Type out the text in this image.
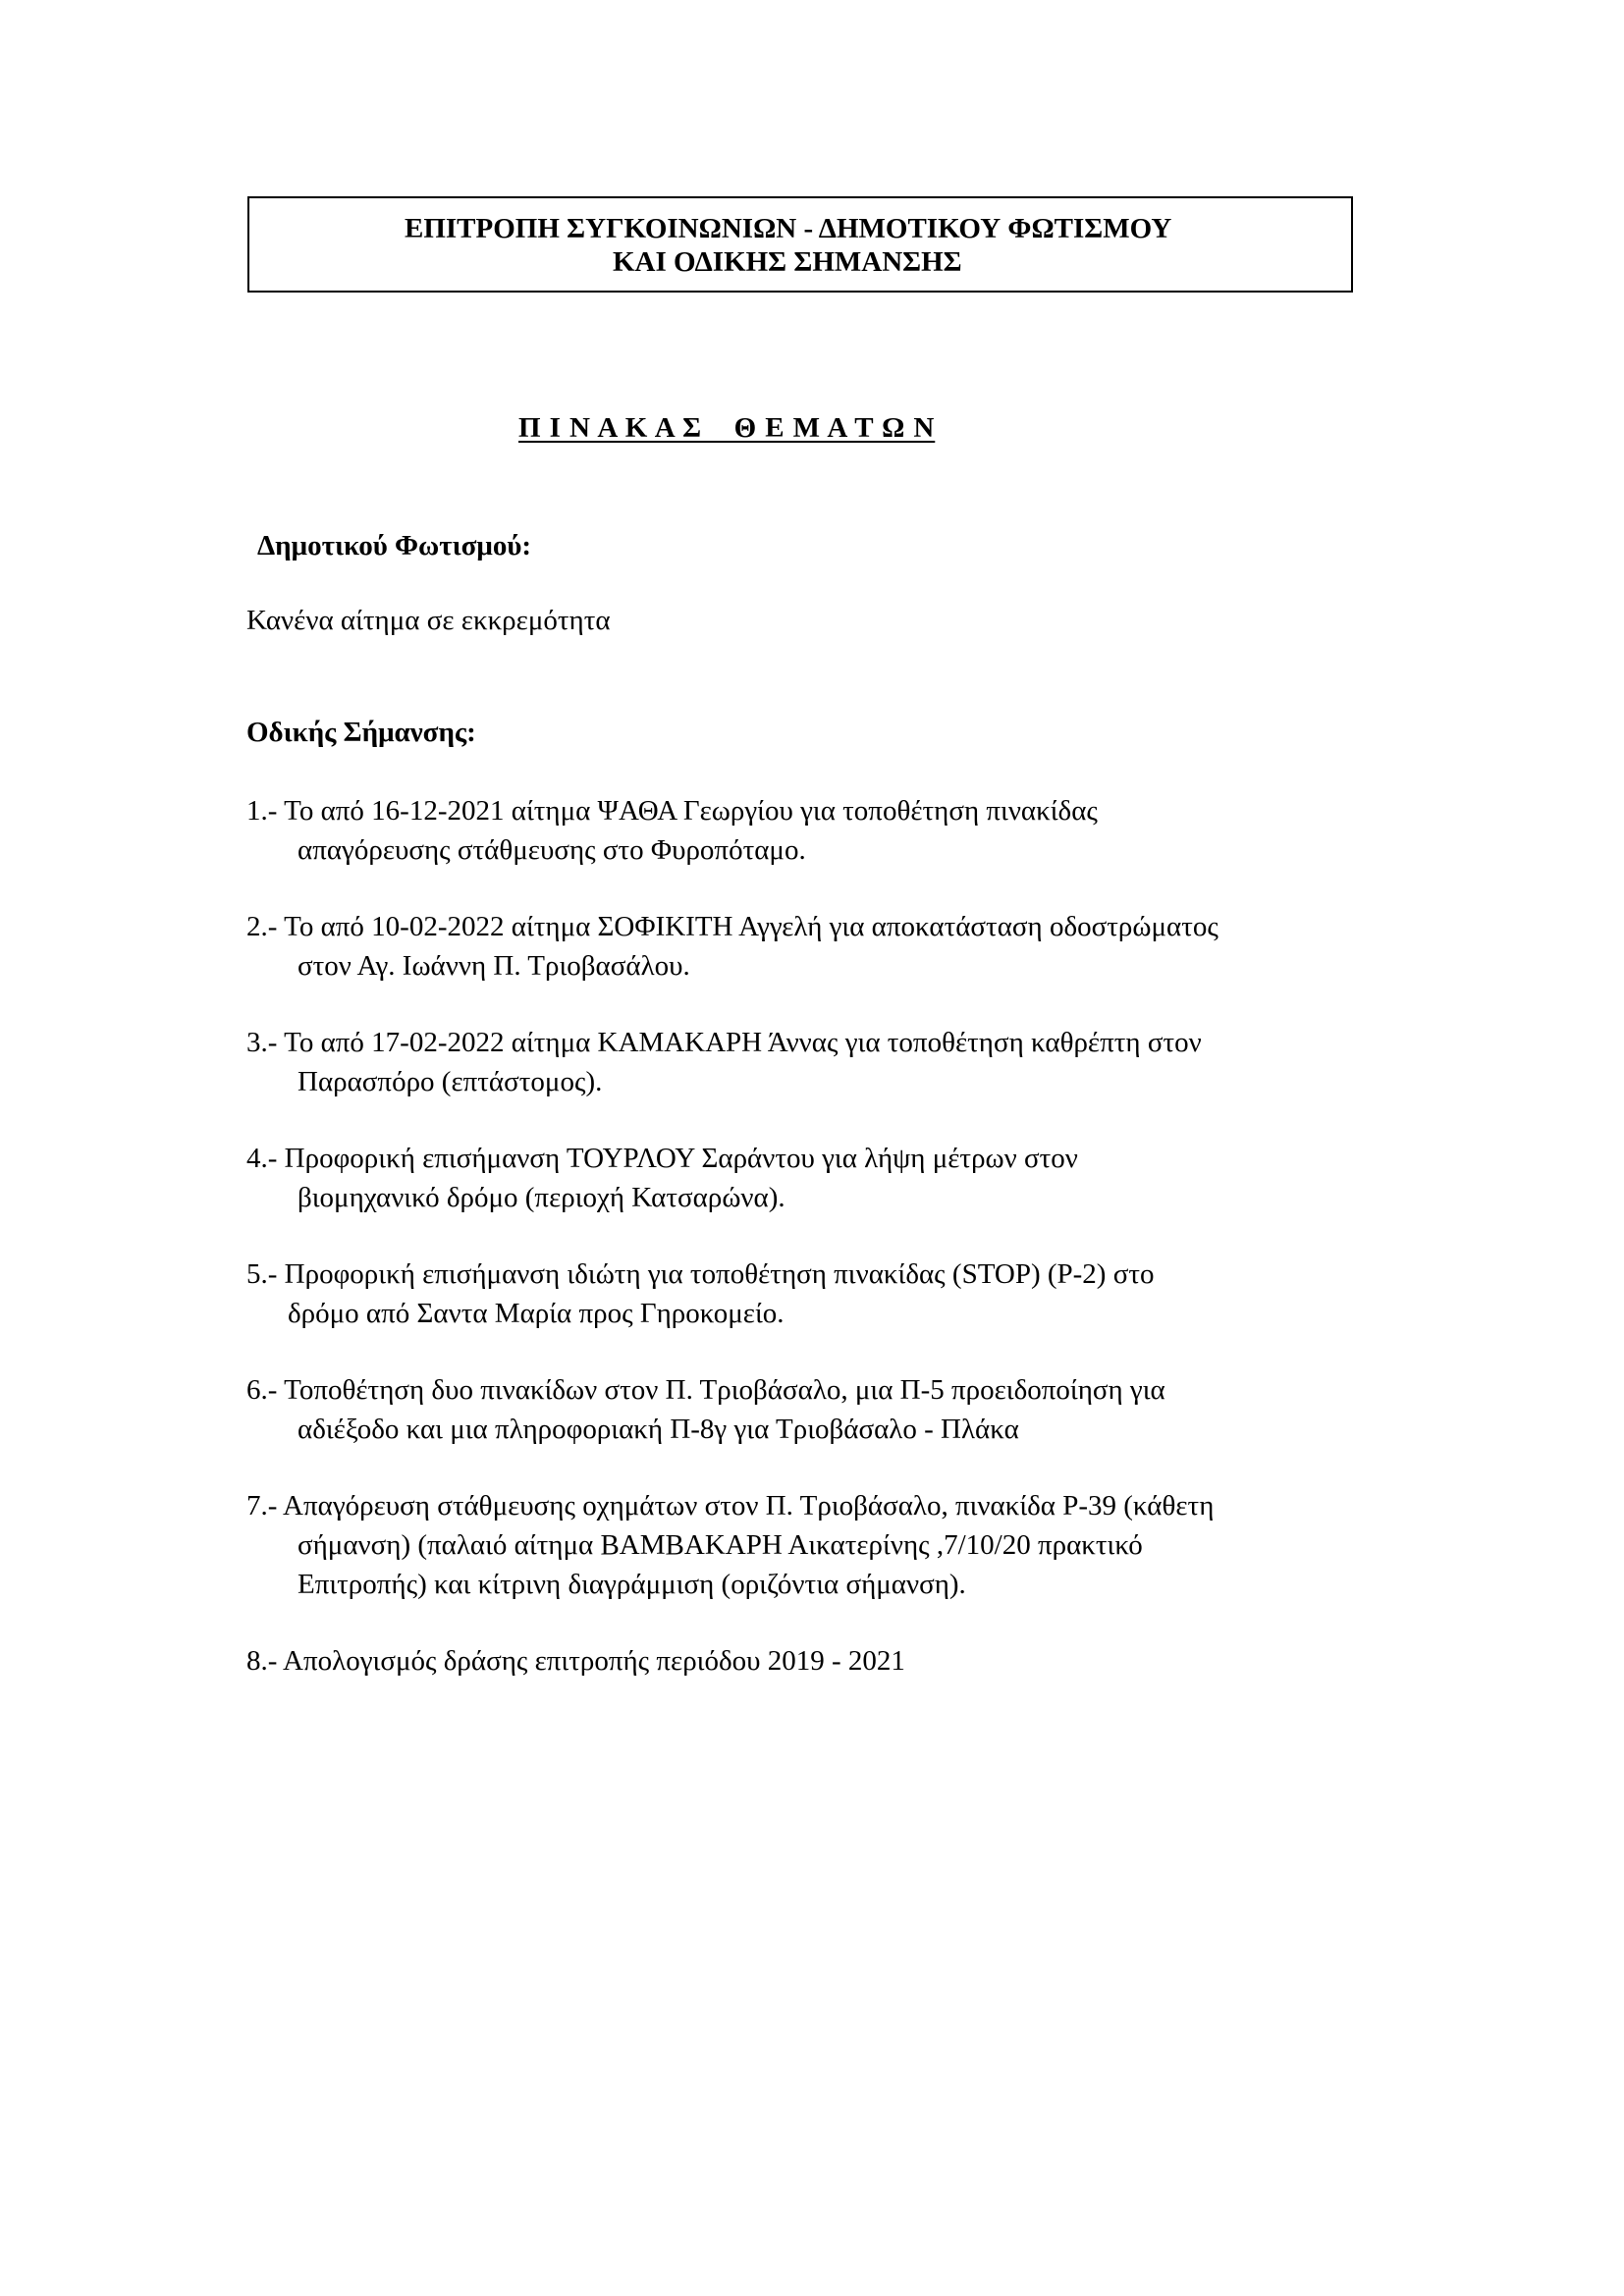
ΕΠΙΤΡΟΠΗ ΣΥΓΚΟΙΝΩΝΙΩΝ - ΔΗΜΟΤΙΚΟΥ ΦΩΤΙΣΜΟΥ
ΚΑΙ ΟΔΙΚΗΣ ΣΗΜΑΝΣΗΣ
Π Ι Ν Α Κ Α Σ    Θ Ε Μ Α Τ Ω Ν
Δημοτικού Φωτισμού:
Κανένα αίτημα σε εκκρεμότητα
Οδικής Σήμανσης:
1.- Το από 16-12-2021 αίτημα ΨΑΘΑ Γεωργίου για τοποθέτηση πινακίδας
απαγόρευσης στάθμευσης στο Φυροπόταμο.
2.- Το από 10-02-2022 αίτημα ΣΟΦΙΚΙΤΗ Αγγελή για αποκατάσταση οδοστρώματος
στον Αγ. Ιωάννη Π. Τριοβασάλου.
3.- Το από 17-02-2022 αίτημα ΚΑΜΑΚΑΡΗ Άννας για τοποθέτηση καθρέπτη στον
Παρασπόρο (επτάστομος).
4.- Προφορική επισήμανση ΤΟΥΡΛΟΥ Σαράντου για λήψη μέτρων στον
βιομηχανικό δρόμο (περιοχή Κατσαρώνα).
5.- Προφορική επισήμανση ιδιώτη για τοποθέτηση πινακίδας (STOP) (Ρ-2) στο
δρόμο από Σαντα Μαρία προς Γηροκομείο.
6.- Τοποθέτηση δυο πινακίδων στον Π. Τριοβάσαλο, μια Π-5 προειδοποίηση για
αδιέξοδο και μια πληροφοριακή Π-8γ για Τριοβάσαλο - Πλάκα
7.- Απαγόρευση στάθμευσης οχημάτων στον Π. Τριοβάσαλο, πινακίδα Ρ-39 (κάθετη
σήμανση) (παλαιό αίτημα ΒΑΜΒΑΚΑΡΗ Αικατερίνης ,7/10/20 πρακτικό
Επιτροπής) και κίτρινη διαγράμμιση (οριζόντια σήμανση).
8.- Απολογισμός δράσης επιτροπής περιόδου 2019 - 2021
